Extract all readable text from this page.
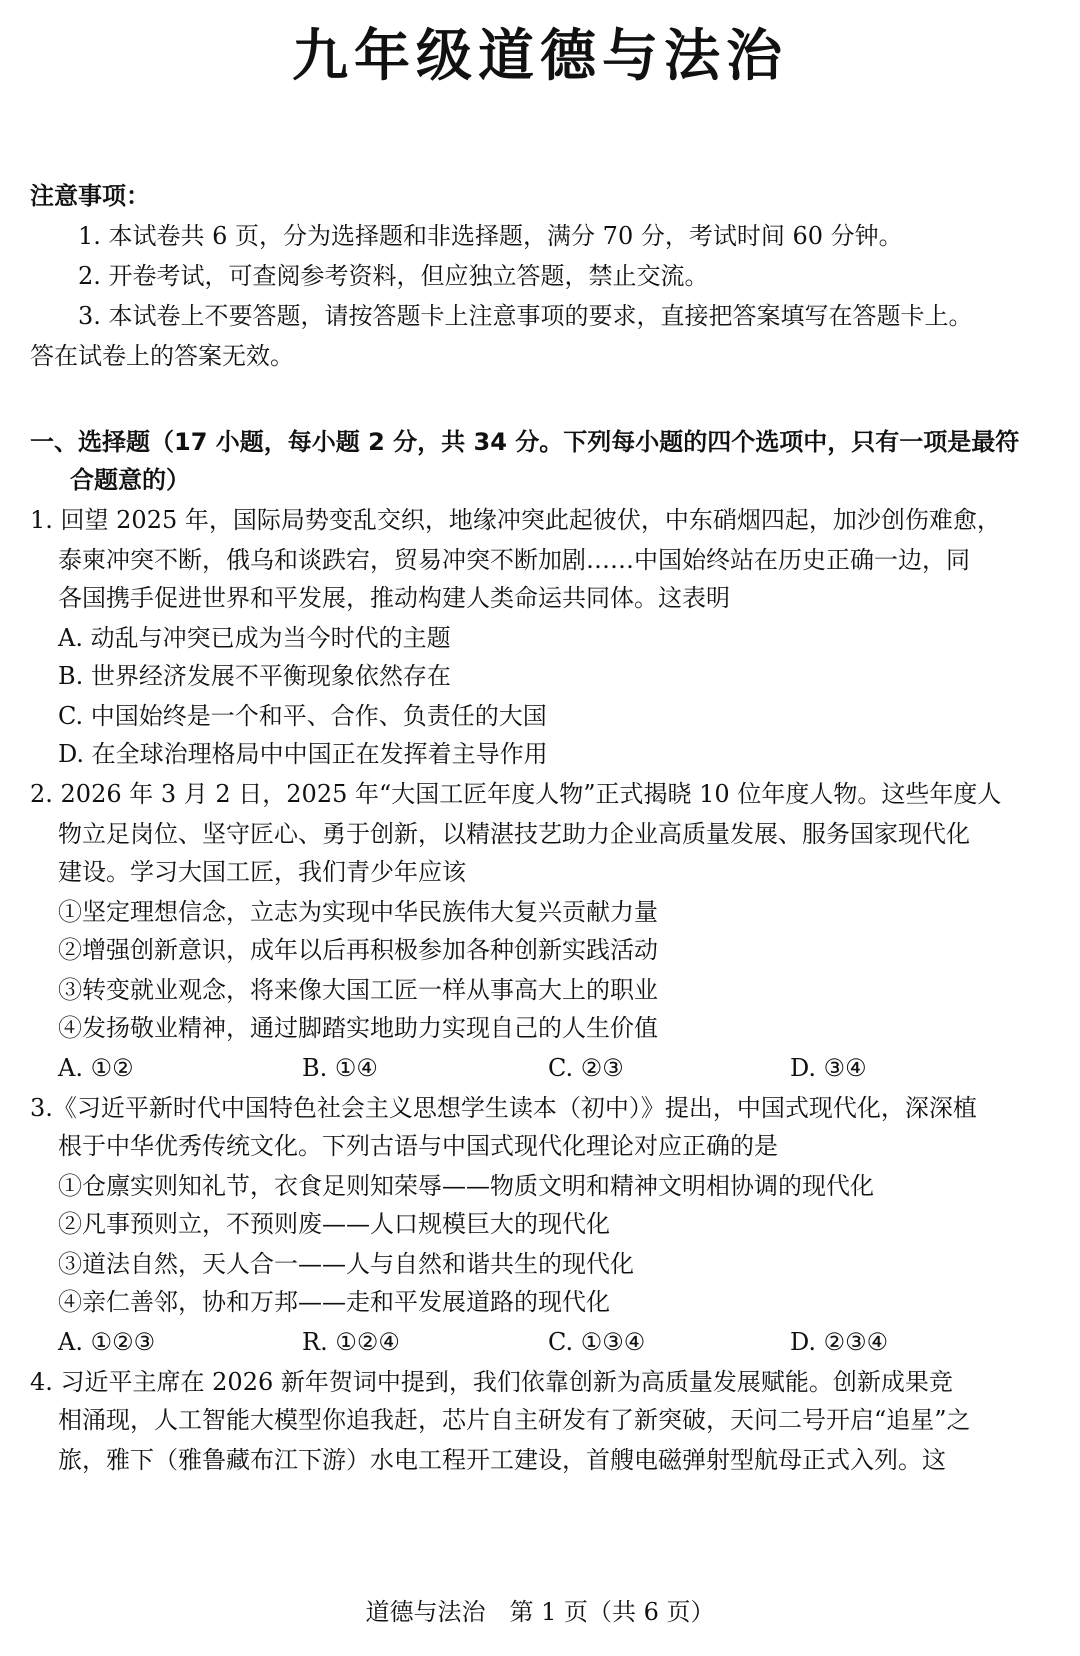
九年级道德与法治
注意事项：
1. 本试卷共 6 页，分为选择题和非选择题，满分 70 分，考试时间 60 分钟。
2. 开卷考试，可查阅参考资料，但应独立答题，禁止交流。
3. 本试卷上不要答题，请按答题卡上注意事项的要求，直接把答案填写在答题卡上。
答在试卷上的答案无效。
一、选择题（17 小题，每小题 2 分，共 34 分。下列每小题的四个选项中，只有一项是最符
合题意的）
1. 回望 2025 年，国际局势变乱交织，地缘冲突此起彼伏，中东硝烟四起，加沙创伤难愈，
泰柬冲突不断，俄乌和谈跌宕，贸易冲突不断加剧……中国始终站在历史正确一边，同
各国携手促进世界和平发展，推动构建人类命运共同体。这表明
A. 动乱与冲突已成为当今时代的主题
B. 世界经济发展不平衡现象依然存在
C. 中国始终是一个和平、合作、负责任的大国
D. 在全球治理格局中中国正在发挥着主导作用
2. 2026 年 3 月 2 日，2025 年“大国工匠年度人物”正式揭晓 10 位年度人物。这些年度人
物立足岗位、坚守匠心、勇于创新，以精湛技艺助力企业高质量发展、服务国家现代化
建设。学习大国工匠，我们青少年应该
①坚定理想信念，立志为实现中华民族伟大复兴贡献力量
②增强创新意识，成年以后再积极参加各种创新实践活动
③转变就业观念，将来像大国工匠一样从事高大上的职业
④发扬敬业精神，通过脚踏实地助力实现自己的人生价值
A. ①②	B. ①④	C. ②③	D. ③④
3.《习近平新时代中国特色社会主义思想学生读本（初中）》提出，中国式现代化，深深植
根于中华优秀传统文化。下列古语与中国式现代化理论对应正确的是
①仓廪实则知礼节，衣食足则知荣辱——物质文明和精神文明相协调的现代化
②凡事预则立，不预则废——人口规模巨大的现代化
③道法自然，天人合一——人与自然和谐共生的现代化
④亲仁善邻，协和万邦——走和平发展道路的现代化
A. ①②③	R. ①②④	C. ①③④	D. ②③④
4. 习近平主席在 2026 新年贺词中提到，我们依靠创新为高质量发展赋能。创新成果竞
相涌现，人工智能大模型你追我赶，芯片自主研发有了新突破，天问二号开启“追星”之
旅，雅下（雅鲁藏布江下游）水电工程开工建设，首艘电磁弹射型航母正式入列。这
道德与法治　第 1 页（共 6 页）
